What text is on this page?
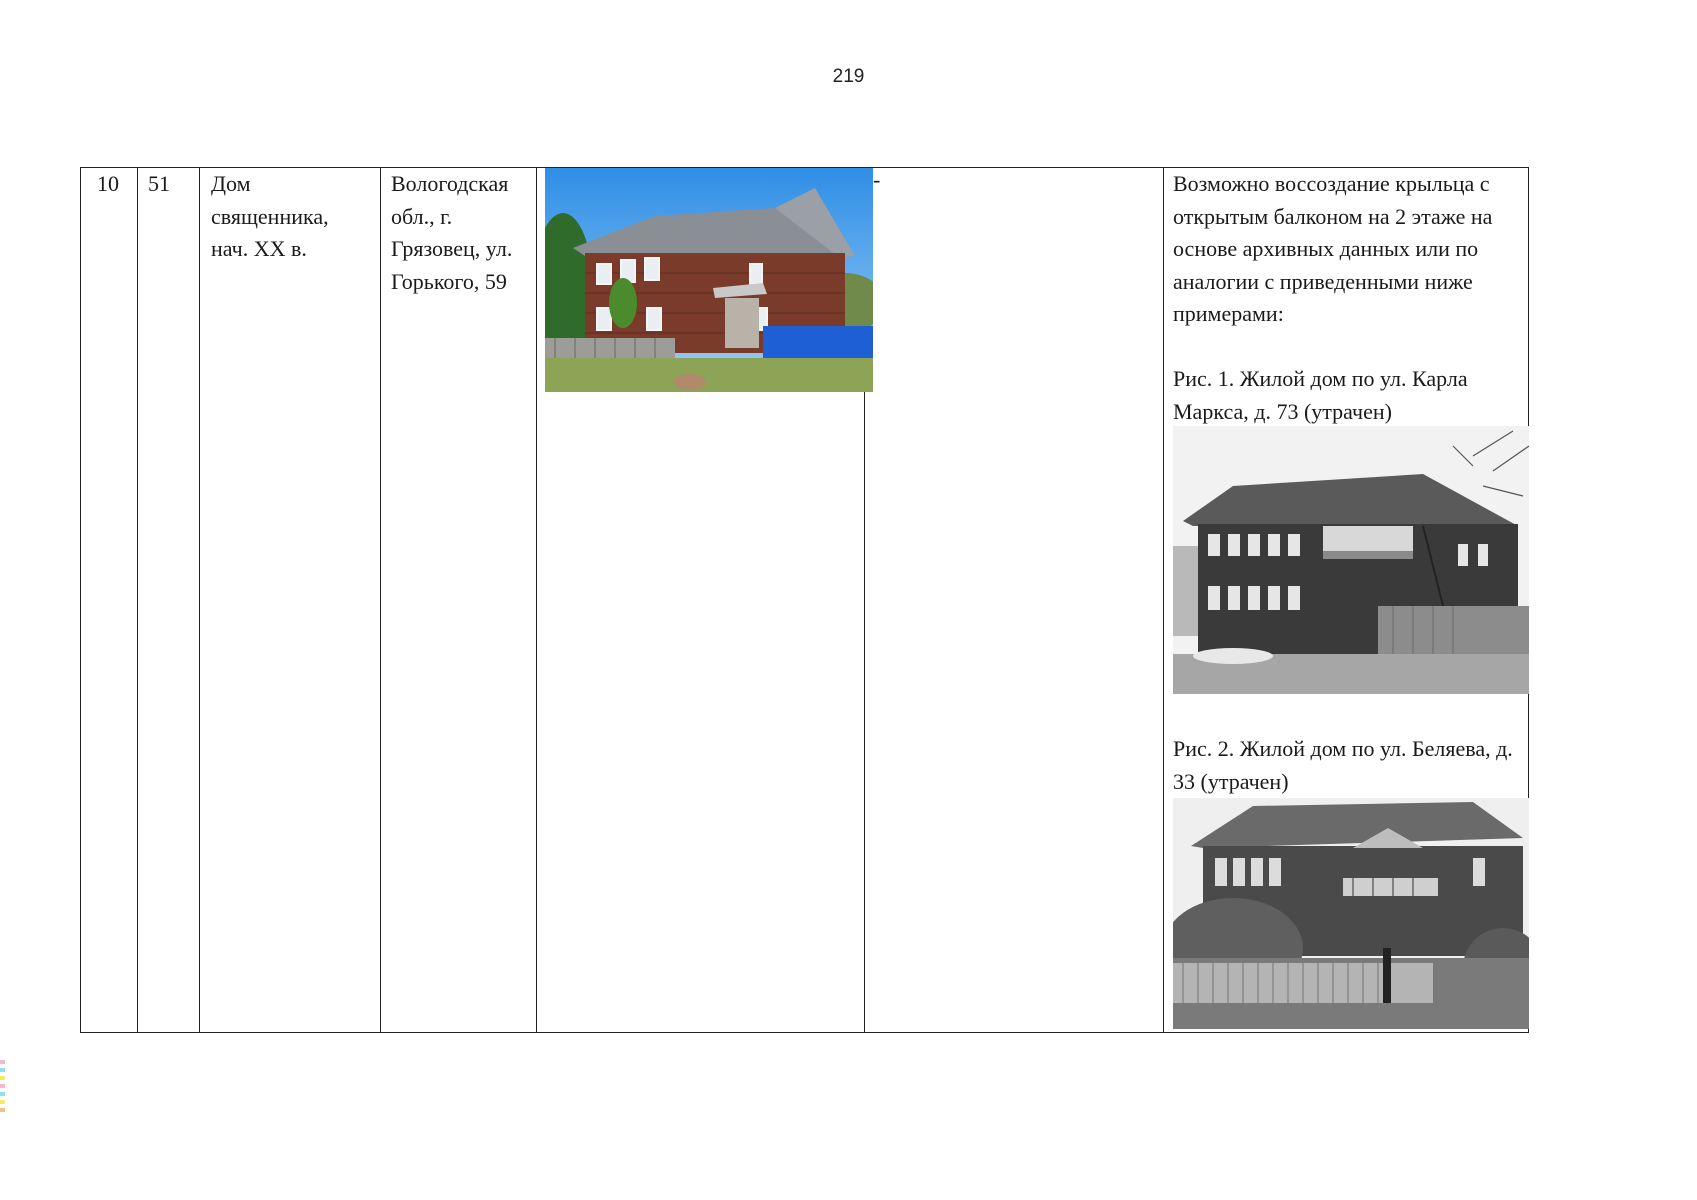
219
10 51 Дом священника, нач. XX в.
Вологодская обл., г. Грязовец, ул. Горького, 59
-	Возможно воссоздание крыльца с открытым балконом на 2 этаже на основе архивных данных или по аналогии с приведенными ниже примерами:
Рис. 1. Жилой дом по ул. Карла Маркса, д. 73 (утрачен)
Рис. 2. Жилой дом по ул. Беляева, д. 33 (утрачен)
